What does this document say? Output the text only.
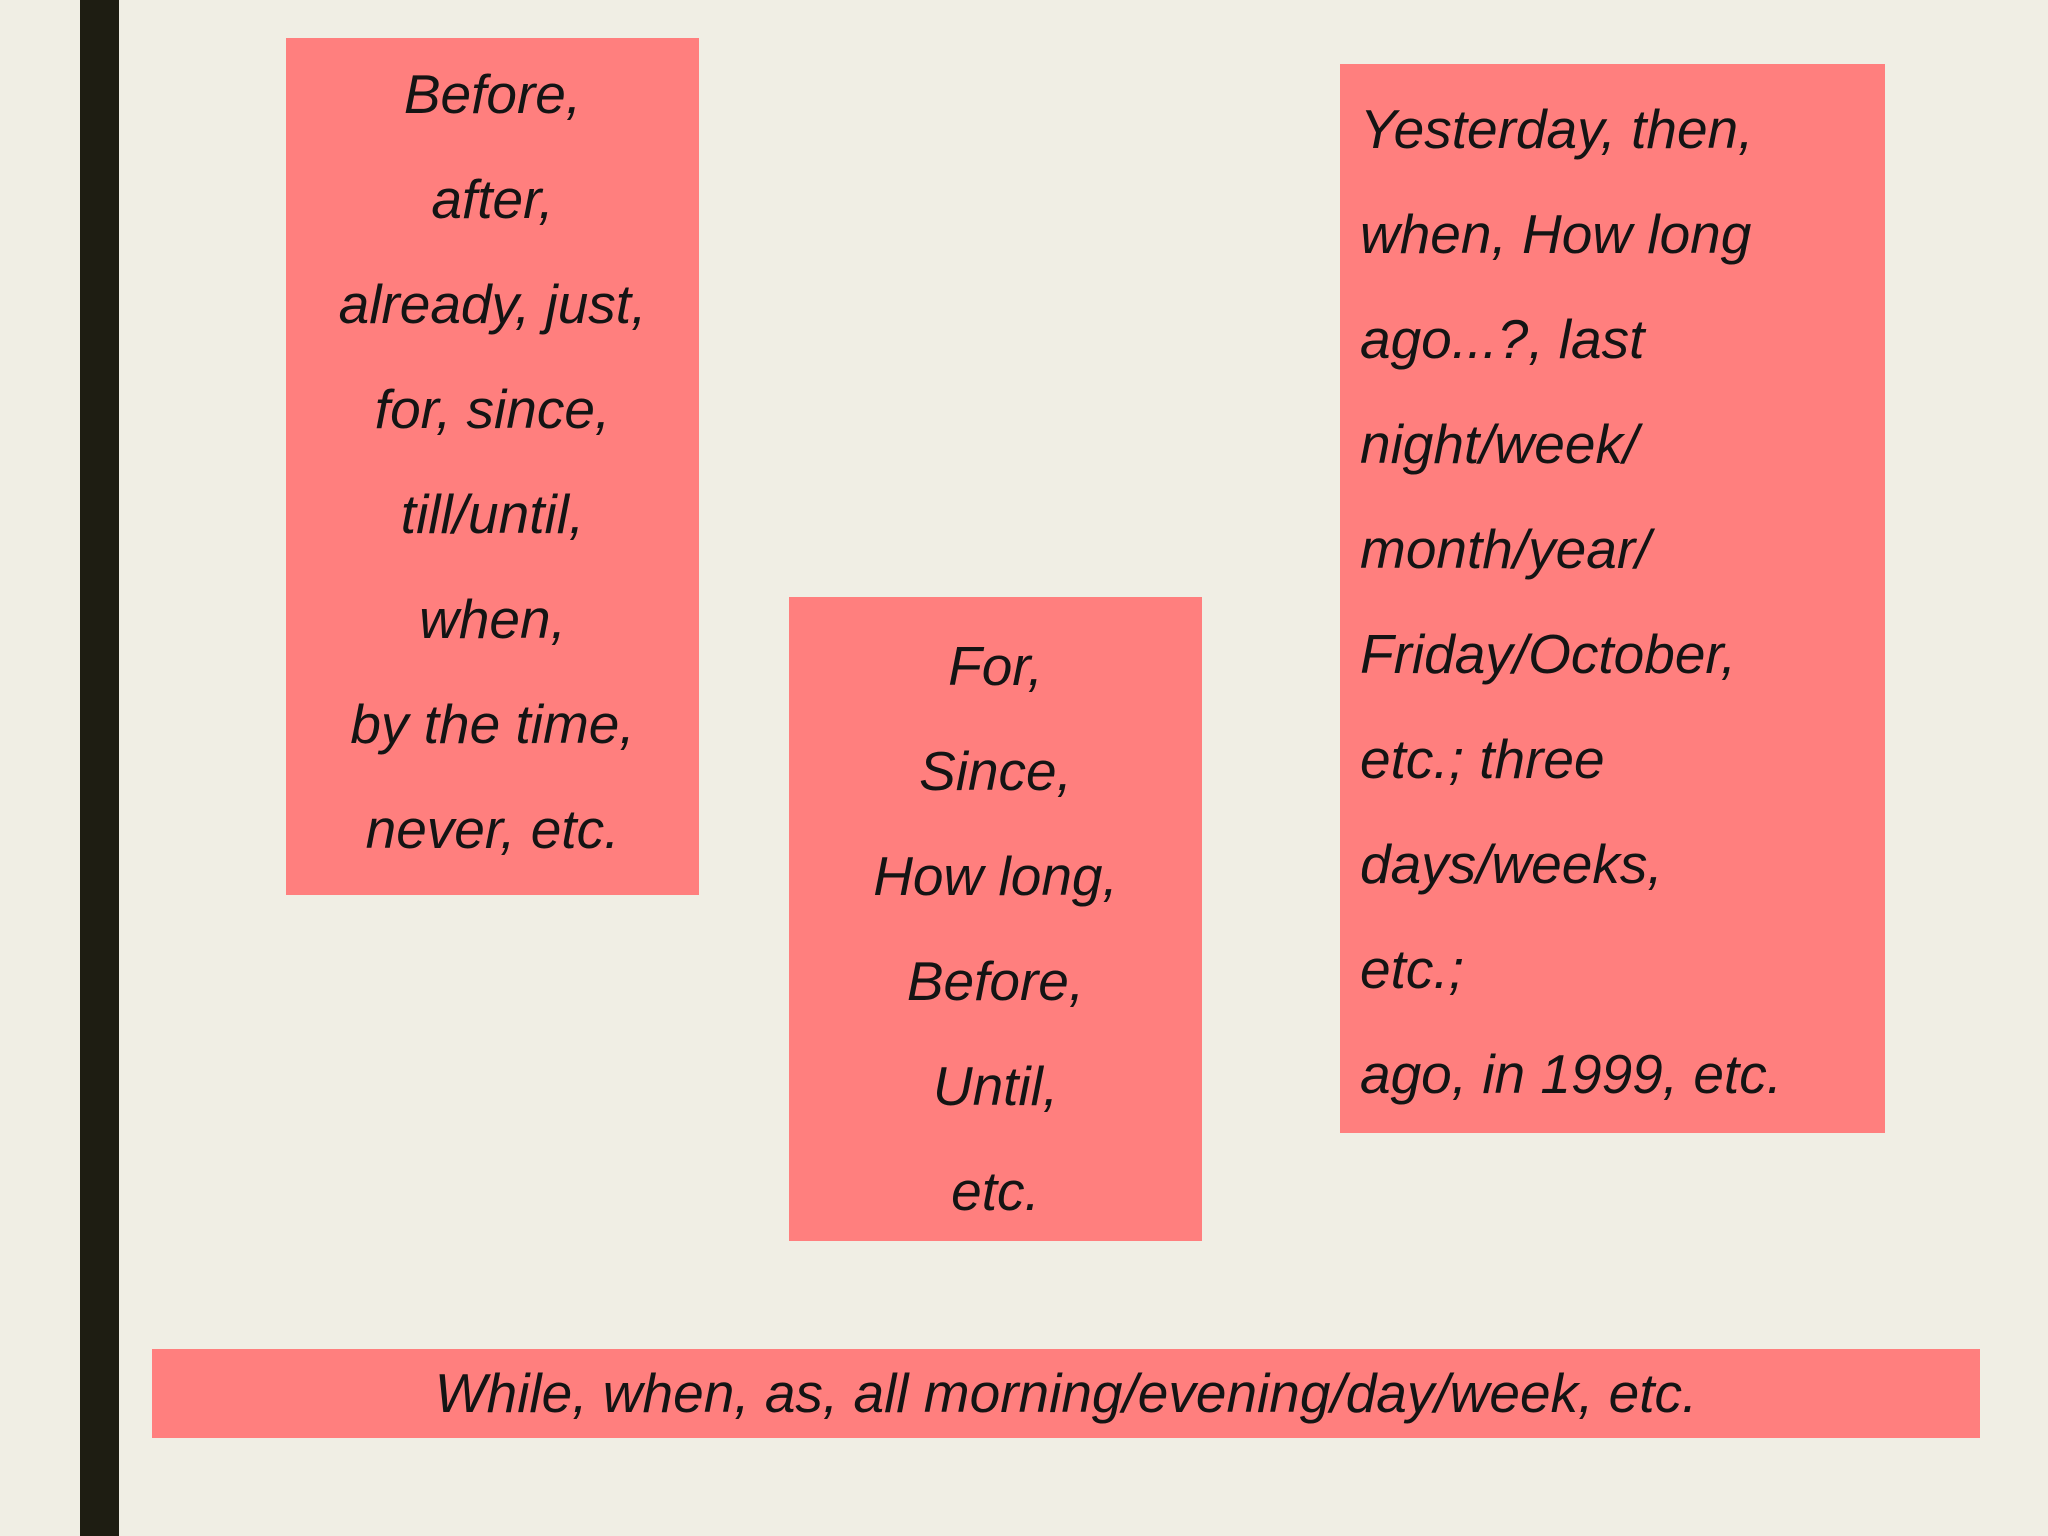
Before,
after,
already, just,
for, since,
till/until,
when,
by the time,
never, etc.
For,
Since,
How long,
Before,
Until,
etc.
Yesterday, then,
when, How long
ago...?, last
night/week/
month/year/
Friday/October,
etc.; three
days/weeks,
etc.;
ago, in 1999, etc.
While, when, as, all morning/evening/day/week, etc.
